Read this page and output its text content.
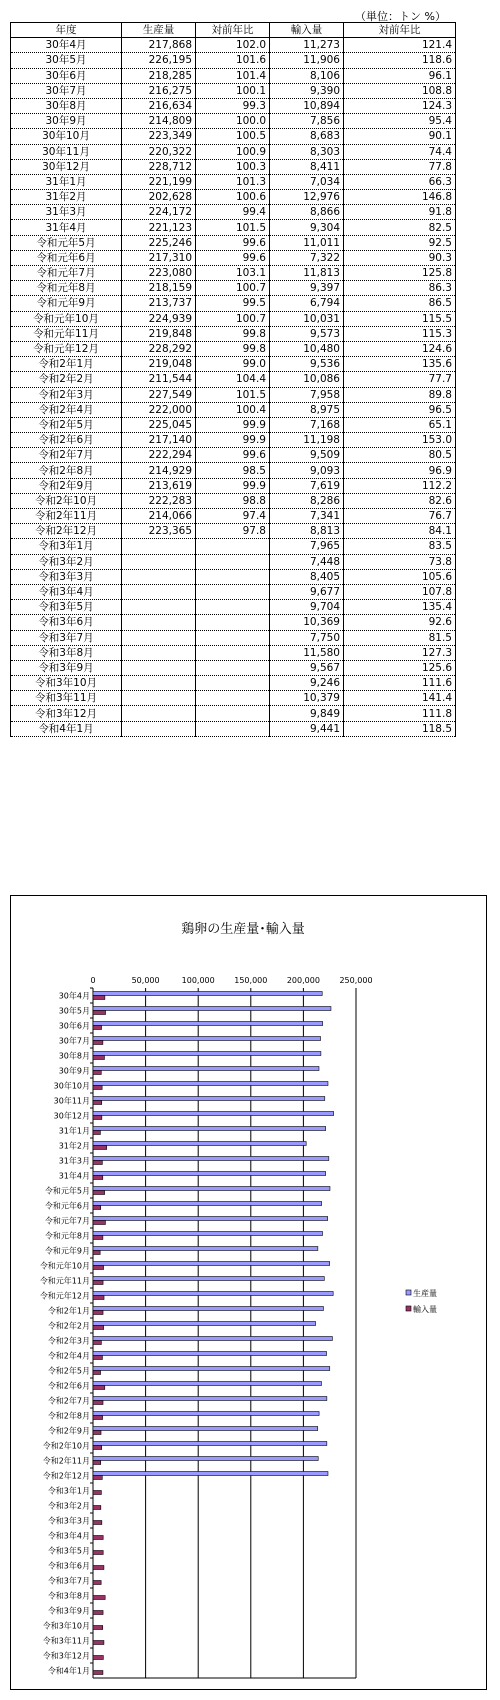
（単位：トン %）
年度	生産量	対前年比	輸入量	対前年比
30年4月	217,868	102.0	11,273	121.4
30年5月	226,195	101.6	11,906	118.6
30年6月	218,285	101.4	8,106	96.1
30年7月	216,275	100.1	9,390	108.8
30年8月	216,634	99.3	10,894	124.3
30年9月	214,809	100.0	7,856	95.4
30年10月	223,349	100.5	8,683	90.1
30年11月	220,322	100.9	8,303	74.4
30年12月	228,712	100.3	8,411	77.8
31年1月	221,199	101.3	7,034	66.3
31年2月	202,628	100.6	12,976	146.8
31年3月	224,172	99.4	8,866	91.8
31年4月	221,123	101.5	9,304	82.5
令和元年5月	225,246	99.6	11,011	92.5
令和元年6月	217,310	99.6	7,322	90.3
令和元年7月	223,080	103.1	11,813	125.8
令和元年8月	218,159	100.7	9,397	86.3
令和元年9月	213,737	99.5	6,794	86.5
令和元年10月	224,939	100.7	10,031	115.5
令和元年11月	219,848	99.8	9,573	115.3
令和元年12月	228,292	99.8	10,480	124.6
令和2年1月	219,048	99.0	9,536	135.6
令和2年2月	211,544	104.4	10,086	77.7
令和2年3月	227,549	101.5	7,958	89.8
令和2年4月	222,000	100.4	8,975	96.5
令和2年5月	225,045	99.9	7,168	65.1
令和2年6月	217,140	99.9	11,198	153.0
令和2年7月	222,294	99.6	9,509	80.5
令和2年8月	214,929	98.5	9,093	96.9
令和2年9月	213,619	99.9	7,619	112.2
令和2年10月	222,283	98.8	8,286	82.6
令和2年11月	214,066	97.4	7,341	76.7
令和2年12月	223,365	97.8	8,813	84.1
令和3年1月			7,965	83.5
令和3年2月			7,448	73.8
令和3年3月			8,405	105.6
令和3年4月			9,677	107.8
令和3年5月			9,704	135.4
令和3年6月			10,369	92.6
令和3年7月			7,750	81.5
令和3年8月			11,580	127.3
令和3年9月			9,567	125.6
令和3年10月			9,246	111.6
令和3年11月			10,379	141.4
令和3年12月			9,849	111.8
令和4年1月			9,441	118.5
鶏卵の生産量･輸入量
0	50,000	100,000 150,000 200,000 250,000
30年4月
30年5月
30年6月
30年7月
30年8月
30年9月
30年10月
30年11月
30年12月
31年1月
31年2月
31年3月
31年4月
令和元年5月
令和元年6月
令和元年7月
令和元年8月
令和元年9月
令和元年10月
令和元年11月
令和元年12月
令和2年1月
令和2年2月
令和2年3月
令和2年4月
令和2年5月
令和2年6月
令和2年7月
令和2年8月
令和2年9月
令和2年10月
令和2年11月
令和2年12月
令和3年1月
令和3年2月
令和3年3月
令和3年4月
令和3年5月
令和3年6月
令和3年7月
令和3年8月
令和3年9月
令和3年10月
令和3年11月
令和3年12月
令和4年1月
生産量
輸入量
